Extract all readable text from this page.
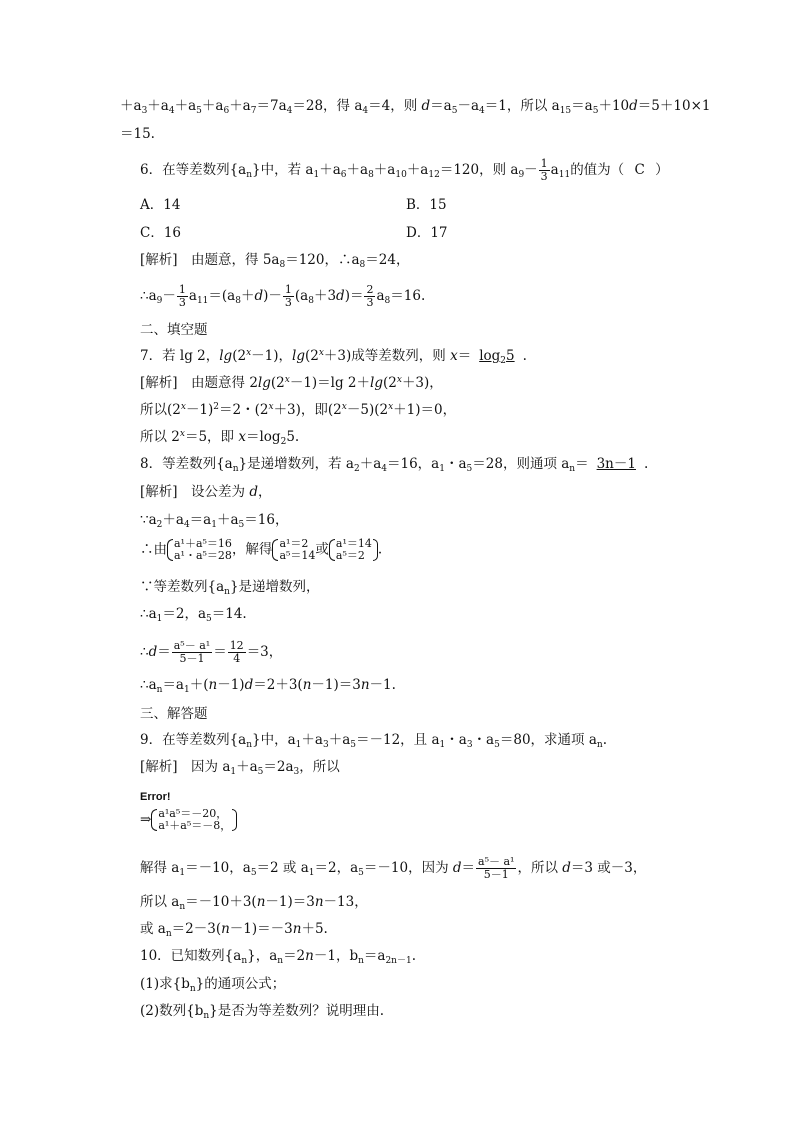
$+a_3+a_4+a_5+a_6+a_7=7a_4=28$，得 $a_4=4$，则 $d=a_5-a_4=1$，所以 $a_{15}=a_5+10d=5+10\times 1$
＝15.
6．在等差数列$\{a_n\}$中，若 $a_1+a_6+a_8+a_{10}+a_{12}=120$，则 $a_9- \frac{1}{3} a_{11}$的值为（ C ）
A．14	B．15
C．16	D．17
[解析]　由题意，得 $5a_8=120$，$\therefore a_8=24$，
$\therefore a_9- \frac{1}{3} a_{11}=(a_8+d)- \frac{1}{3} (a_8+3d)= \frac{2}{3} a_8=16$.
二、填空题
7．若 lg 2，$\lg(2^x-1)$，$\lg(2^x+3)$成等差数列，则 $x= \log_25$ .
[解析]　由题意得 $2\lg(2^x-1)=\lg$ $2+\lg(2^x+3)$，
所以$(2^x-1)^2=2$・$(2^x+3)$，即$(2^x-5)(2^x+1)=0$，
所以 $2^x=5$，即 $x=\log_25$.
8．等差数列$\{a_n\}$是递增数列，若 $a_2+a_4=16$，$a_1$・$a_5=28$，则通项 $a_n= 3n-1$ .
[解析]　设公差为 d，
$\because a_2+a_4=a_1+a_5=16$，
∴由 a¹＋a⁵＝16
a¹・a⁵＝28 ，解得 a¹＝2
a⁵＝14 或 a¹＝14
a⁵＝2 .
∵等差数列$\{a_n\}$是递增数列，
$\therefore a_1=2$，$a_5=14$.
∴d＝ $\frac{\text{a⁵－ a¹}}{5-1} = \frac{12}{4} =3$，
$\therefore a_n=a_1+(n-1)d=2+3(n-1)=3n-1$.
三、解答题
9．在等差数列$\{a_n\}$中，$a_1+a_3+a_5=-12$，且 $a_1$・$a_3$・$a_5=80$，求通项 $a_n$.
[解析]　因为 $a_1+a_5=2a_3$，所以
Error!
⇒ a¹a⁵＝－20，
a¹＋a⁵＝－8，
解得 $a_1=-10$，$a_5=2$ 或 $a_1=2$，$a_5=-10$，因为 $d= \frac{\text{a⁵－ a¹}}{5-1}$ ，所以 d＝3 或－3，
所以 $a_n=-10+3(n-1)=3n-13$，
或 $a_n=2-3(n-1)=-3n+5$.
10．已知数列$\{a_n\}$，$a_n=2n-1$，$b_n=a_{2n-1}$.
(1)求$\{b_n\}$的通项公式；
(2)数列$\{b_n\}$是否为等差数列？说明理由.
